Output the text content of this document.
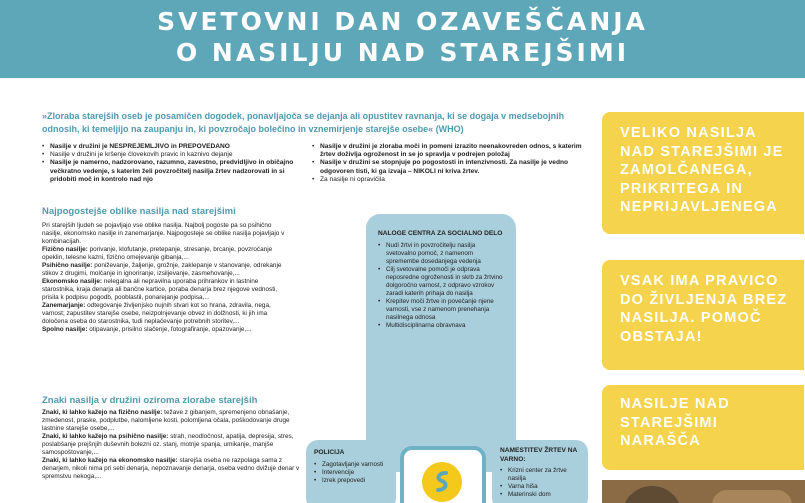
SVETOVNI DAN OZAVEŠČANJA
O NASILJU NAD STAREJŠIMI

»Zloraba starejših oseb je posamičen dogodek, ponavljajoča se dejanja ali opustitev ravnanja, ki se dogaja v medsebojnih odnosih, ki temeljijo na zaupanju in, ki povzročajo bolečino in vznemirjenje starejše osebe« (WHO)

• Nasilje v družini je NESPREJEMLJIVO in PREPOVEDANO
• Nasilje v družini je kršenje človekovih pravic in kaznivo dejanje
• Nasilje je namerno, nadzorovano, razumno, zavestno, predvidljivo in običajno večkratno vedenje, s katerim želi povzročitelj nasilja žrtev nadzorovati in si pridobiti moč in kontrolo nad njo
• Nasilje v družini je zloraba moči in pomeni izrazito neenakovreden odnos, s katerim žrtev doživlja ogroženost in se jo spravlja v podrejen položaj
• Nasilje v družini se stopnjuje po pogostosti in intenzivnosti. Za nasilje je vedno odgovoren tisti, ki ga izvaja – NIKOLI ni kriva žrtev.
• Za nasilje ni opravičila
Najpogostejše oblike nasilja nad starejšimi

Pri starejših ljudeh se pojavljajo vse oblike nasilja. Najbolj pogoste pa so psihično nasilje, ekonomsko nasilje in zanemarjanje. Najpogosteje se oblike nasilja pojavljajo v kombinacijah.

Fizično nasilje: porivanje, klofutanje, pretepanje, stresanje, brcanje, povzročanje opeklin, telesne kazni, fizično omejevanje gibanja,...

Psihično nasilje: poniževanje, žaljenje, grožnje, zaklepanje v stanovanje, odrekanje stikov z drugimi, molčanje in ignoriranje, izsiljevanje, zasmehovanje,...

Ekonomsko nasilje: nelegalna ali nepravilna uporaba prihrankov in lastnine starostnika, kraja denarja ali bančne kartice, poraba denarja brez njegove vednosti, prisila k podpisu pogodb, pooblastil, ponarejanje podpisa,...

Zanemarjanje: odtegovanje življenjsko nujnih stvari kot so hrana, zdravila, nega, varnost; zapustitev starejše osebe, neizpolnjevanje obvez in dolžnosti, ki jih ima določena oseba do starostnika, tudi neplačevanje potrebnih storitev,...

Spolno nasilje: otipavanje, prisilno slačenje, fotografiranje, opazovanje,...

Znaki nasilja v družini oziroma zlorabe starejših

Znaki, ki lahko kažejo na fizično nasilje: težave z gibanjem, spremenjeno obnašanje, zmedenost, praske, podplutbe, nalomljene kosti, polomljena očala, poškodovanje druge lastnine starejše osebe,...

Znaki, ki lahko kažejo na psihično nasilje: strah, neodločnost, apatija, depresija, stres, poslabšanje prejšnjih duševnih bolezni oz. stanj, motnje spanja, umikanje, manjše samospoštovanje,...

Znaki, ki lahko kažejo na ekonomsko nasilje: starejša oseba ne razpolaga sama z denarjem, nikoli nima pri sebi denarja, nepoznavanje denarja, oseba vedno dvižuje denar v spremstvu nekoga,...

NALOGE CENTRA ZA SOCIALNO DELO
• Nudi žrtvi in povzročitelju nasilja svetovalno pomoč, z namenom spremembe dosedanjega vedenja
• Cilj svetovalne pomoči je odprava neposredne ogroženosti in skrb za žrtvino dolgoročno varnost, z odpravo vzrokov zaradi katerih prihaja do nasilja
• Krepitev moči žrtve in povečanje njene varnosti, vse z namenom prenehanja nasilnega odnosa
• Multidisciplinarna obravnava
POLICIJA
• Zagotavljanje varnosti
• Intervencije
• Izrek prepovedi
NAMESTITEV ŽRTEV NA VARNO:
• Krizni center za žrtve nasilja
• Varna hiša
• Materinski dom
VELIKO NASILJA NAD STAREJŠIMI JE ZAMOLČANEGA, PRIKRITEGA IN NEPRIJAVLJENEGA
VSAK IMA PRAVICO DO ŽIVLJENJA BREZ NASILJA. POMOČ OBSTAJA!
NASILJE NAD STAREJŠIMI NARAŠČA
